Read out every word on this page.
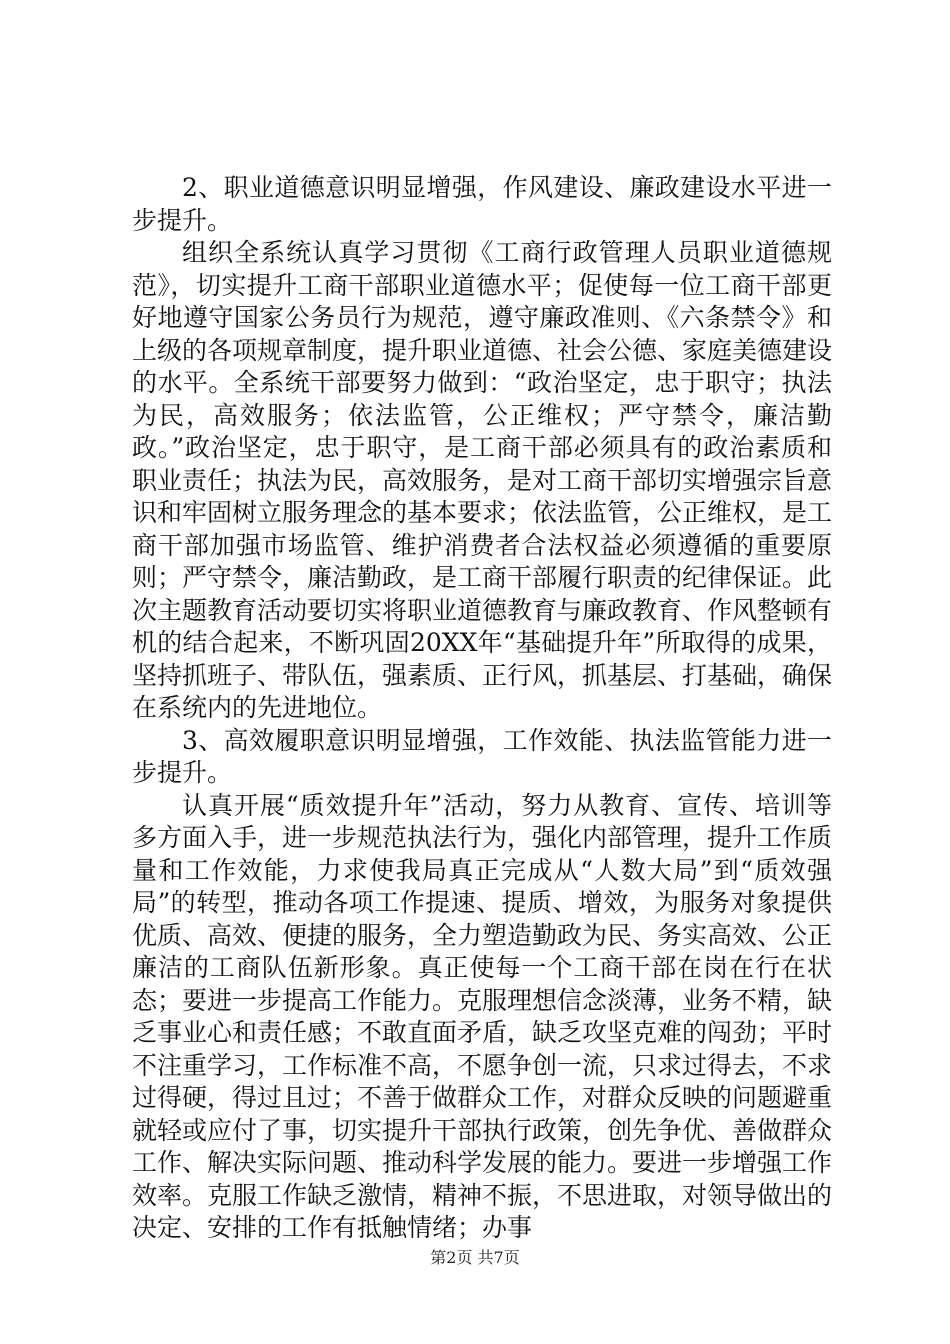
2、职业道德意识明显增强，作风建设、廉政建设水平进一步提升。

组织全系统认真学习贯彻《工商行政管理人员职业道德规范》，切实提升工商干部职业道德水平；促使每一位工商干部更好地遵守国家公务员行为规范，遵守廉政准则、《六条禁令》和上级的各项规章制度，提升职业道德、社会公德、家庭美德建设的水平。全系统干部要努力做到：“政治坚定，忠于职守；执法为民，高效服务；依法监管，公正维权；严守禁令，廉洁勤政。”政治坚定，忠于职守，是工商干部必须具有的政治素质和职业责任；执法为民，高效服务，是对工商干部切实增强宗旨意识和牢固树立服务理念的基本要求；依法监管，公正维权，是工商干部加强市场监管、维护消费者合法权益必须遵循的重要原则；严守禁令，廉洁勤政，是工商干部履行职责的纪律保证。此次主题教育活动要切实将职业道德教育与廉政教育、作风整顿有机的结合起来，不断巩固20XX年“基础提升年”所取得的成果，坚持抓班子、带队伍，强素质、正行风，抓基层、打基础，确保在系统内的先进地位。

3、高效履职意识明显增强，工作效能、执法监管能力进一步提升。

认真开展“质效提升年”活动，努力从教育、宣传、培训等多方面入手，进一步规范执法行为，强化内部管理，提升工作质量和工作效能，力求使我局真正完成从“人数大局”到“质效强局”的转型，推动各项工作提速、提质、增效，为服务对象提供优质、高效、便捷的服务，全力塑造勤政为民、务实高效、公正廉洁的工商队伍新形象。真正使每一个工商干部在岗在行在状态；要进一步提高工作能力。克服理想信念淡薄，业务不精，缺乏事业心和责任感；不敢直面矛盾，缺乏攻坚克难的闯劲；平时不注重学习，工作标准不高，不愿争创一流，只求过得去，不求过得硬，得过且过；不善于做群众工作，对群众反映的问题避重就轻或应付了事，切实提升干部执行政策，创先争优、善做群众工作、解决实际问题、推动科学发展的能力。要进一步增强工作效率。克服工作缺乏激情，精神不振，不思进取，对领导做出的决定、安排的工作有抵触情绪；办事

第2页 共7页
